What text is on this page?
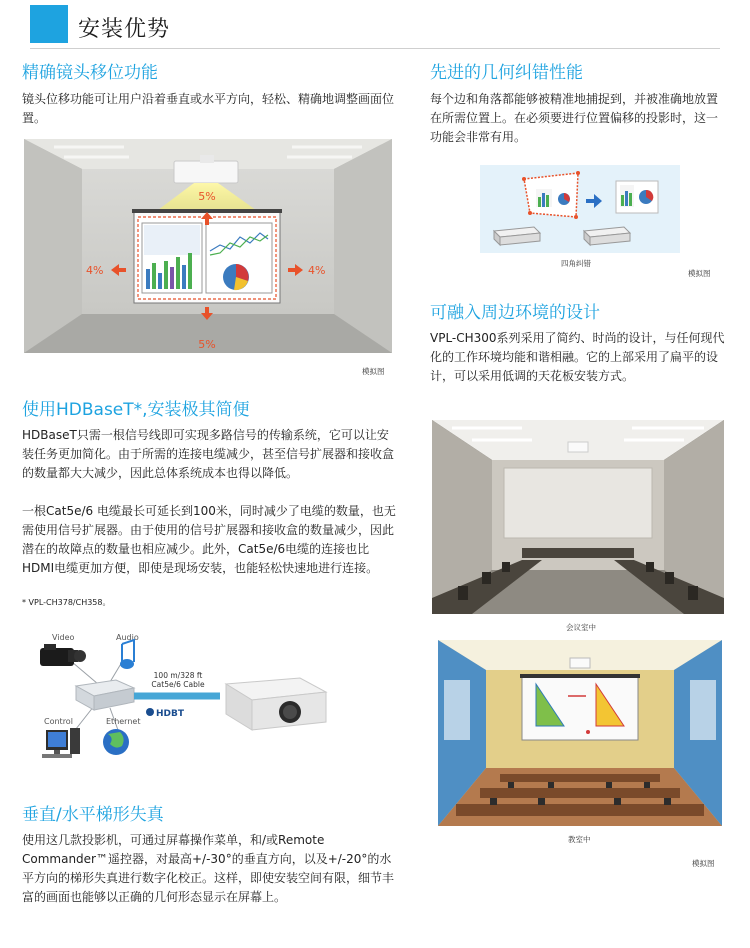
安装优势
精确镜头移位功能
镜头位移功能可让用户沿着垂直或水平方向，轻松、精确地调整画面位置。
5%
5%
4%	4%
模拟图
使用HDBaseT*,安装极其简便
HDBaseT只需一根信号线即可实现多路信号的传输系统，它可以让安装任务更加简化。由于所需的连接电缆减少，甚至信号扩展器和接收盒的数量都大大减少，因此总体系统成本也得以降低。
一根Cat5e/6 电缆最长可延长到100米，同时减少了电缆的数量，也无需使用信号扩展器。由于使用的信号扩展器和接收盒的数量减少，因此潜在的故障点的数量也相应减少。此外，Cat5e/6电缆的连接也比HDMI电缆更加方便，即使是现场安装，也能轻松快速地进行连接。
* VPL-CH378/CH358。
Video	Audio
Control	Ethernet
100 m/328 ft
Cat5e/6 Cable
HDBT
垂直/水平梯形失真
使用这几款投影机，可通过屏幕操作菜单，和/或Remote Commander™遥控器，对最高+/-30°的垂直方向，以及+/-20°的水平方向的梯形失真进行数字化校正。这样，即使安装空间有限，细节丰富的画面也能够以正确的几何形态显示在屏幕上。
先进的几何纠错性能
每个边和角落都能够被精准地捕捉到，并被准确地放置在所需位置上。在必须要进行位置偏移的投影时，这一功能会非常有用。
四角纠错
模拟图
可融入周边环境的设计
VPL-CH300系列采用了简约、时尚的设计，与任何现代化的工作环境均能和谐相融。它的上部采用了扁平的设计，可以采用低调的天花板安装方式。
会议室中
教室中
模拟图
